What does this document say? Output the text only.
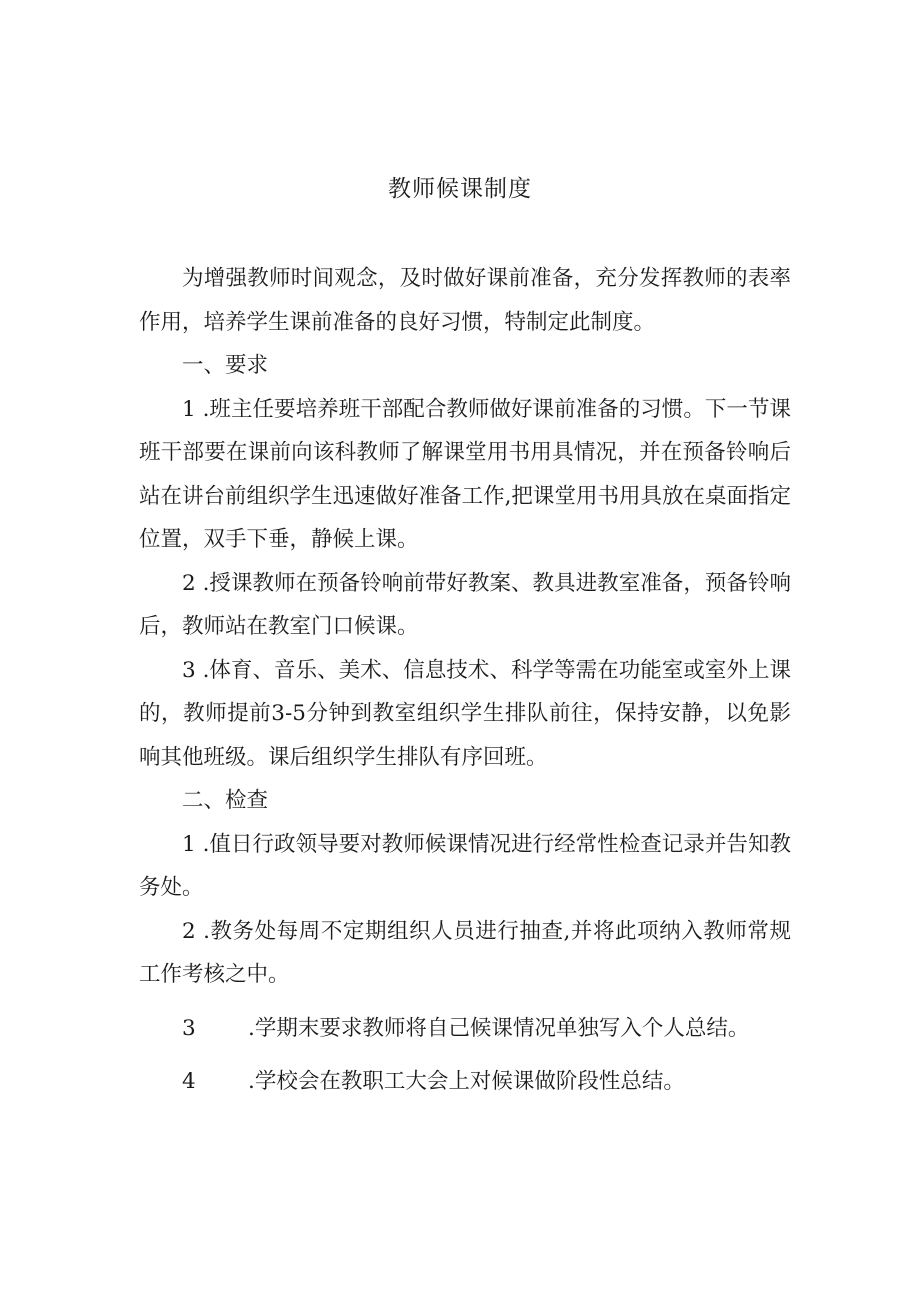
教师候课制度

为增强教师时间观念，及时做好课前准备，充分发挥教师的表率作用，培养学生课前准备的良好习惯，特制定此制度。

一、要求

1 .班主任要培养班干部配合教师做好课前准备的习惯。下一节课班干部要在课前向该科教师了解课堂用书用具情况，并在预备铃响后站在讲台前组织学生迅速做好准备工作,把课堂用书用具放在桌面指定位置，双手下垂，静候上课。

2 .授课教师在预备铃响前带好教案、教具进教室准备，预备铃响后，教师站在教室门口候课。

3 .体育、音乐、美术、信息技术、科学等需在功能室或室外上课的，教师提前3-5分钟到教室组织学生排队前往，保持安静，以免影响其他班级。课后组织学生排队有序回班。

二、检查

1 .值日行政领导要对教师候课情况进行经常性检查记录并告知教务处。

2 .教务处每周不定期组织人员进行抽查,并将此项纳入教师常规工作考核之中。

3 .学期末要求教师将自己候课情况单独写入个人总结。

4 .学校会在教职工大会上对候课做阶段性总结。
